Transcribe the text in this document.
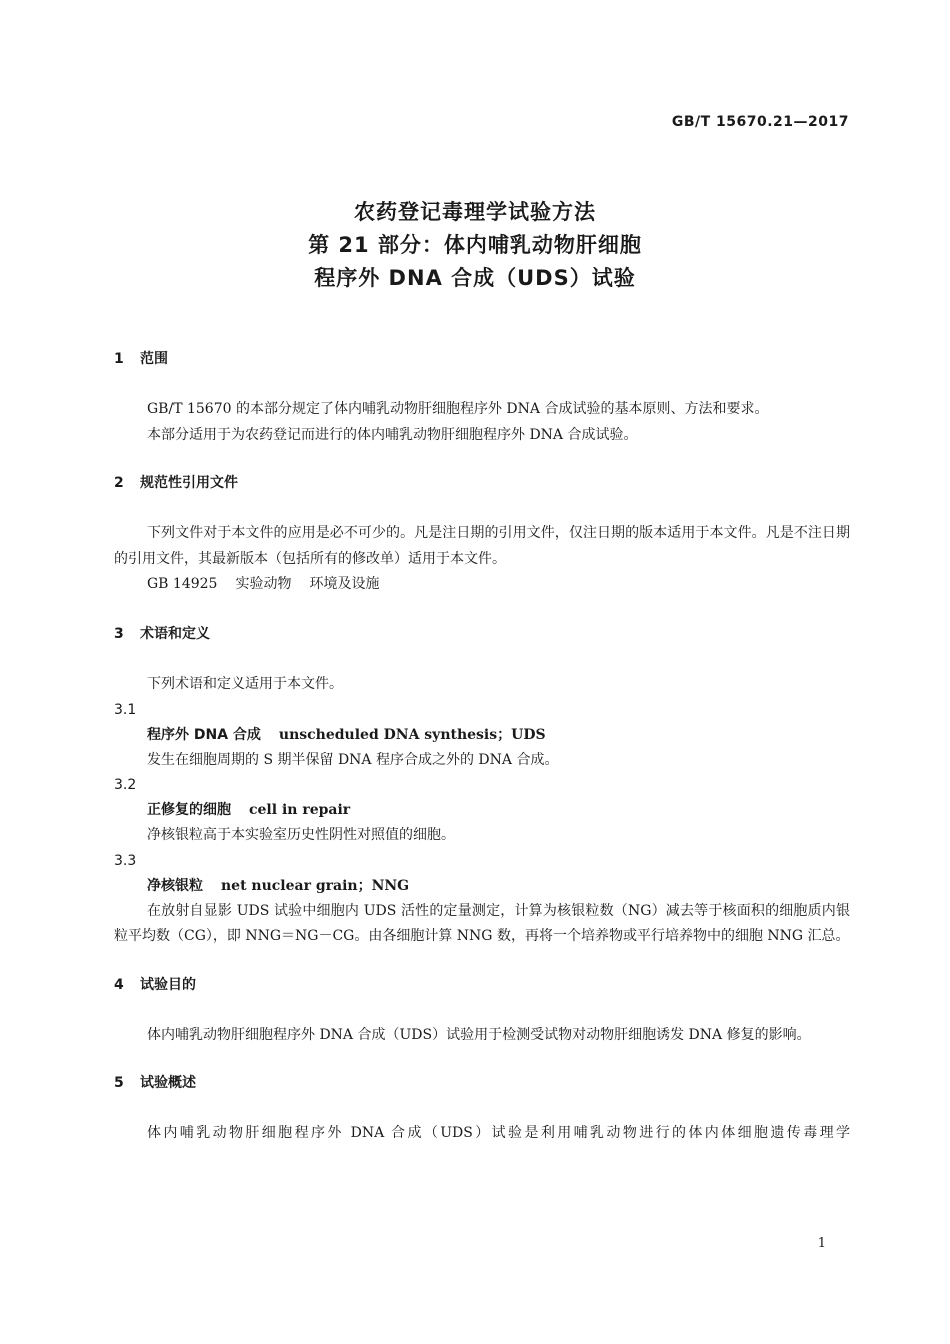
GB/T 15670.21—2017
农药登记毒理学试验方法
第 21 部分：体内哺乳动物肝细胞
程序外 DNA 合成（UDS）试验
1 范围
GB/T 15670 的本部分规定了体内哺乳动物肝细胞程序外 DNA 合成试验的基本原则、方法和要求。
本部分适用于为农药登记而进行的体内哺乳动物肝细胞程序外 DNA 合成试验。
2 规范性引用文件
下列文件对于本文件的应用是必不可少的。凡是注日期的引用文件，仅注日期的版本适用于本文件。凡是不注日期的引用文件，其最新版本（包括所有的修改单）适用于本文件。
GB 14925 实验动物 环境及设施
3 术语和定义
下列术语和定义适用于本文件。
3.1
程序外 DNA 合成 unscheduled DNA synthesis；UDS
发生在细胞周期的 S 期半保留 DNA 程序合成之外的 DNA 合成。
3.2
正修复的细胞 cell in repair
净核银粒高于本实验室历史性阴性对照值的细胞。
3.3
净核银粒 net nuclear grain；NNG
在放射自显影 UDS 试验中细胞内 UDS 活性的定量测定，计算为核银粒数（NG）减去等于核面积的细胞质内银粒平均数（CG），即 NNG＝NG－CG。由各细胞计算 NNG 数，再将一个培养物或平行培养物中的细胞 NNG 汇总。
4 试验目的
体内哺乳动物肝细胞程序外 DNA 合成（UDS）试验用于检测受试物对动物肝细胞诱发 DNA 修复的影响。
5 试验概述
体内哺乳动物肝细胞程序外 DNA 合成（UDS）试验是利用哺乳动物进行的体内体细胞遗传毒理学
1
